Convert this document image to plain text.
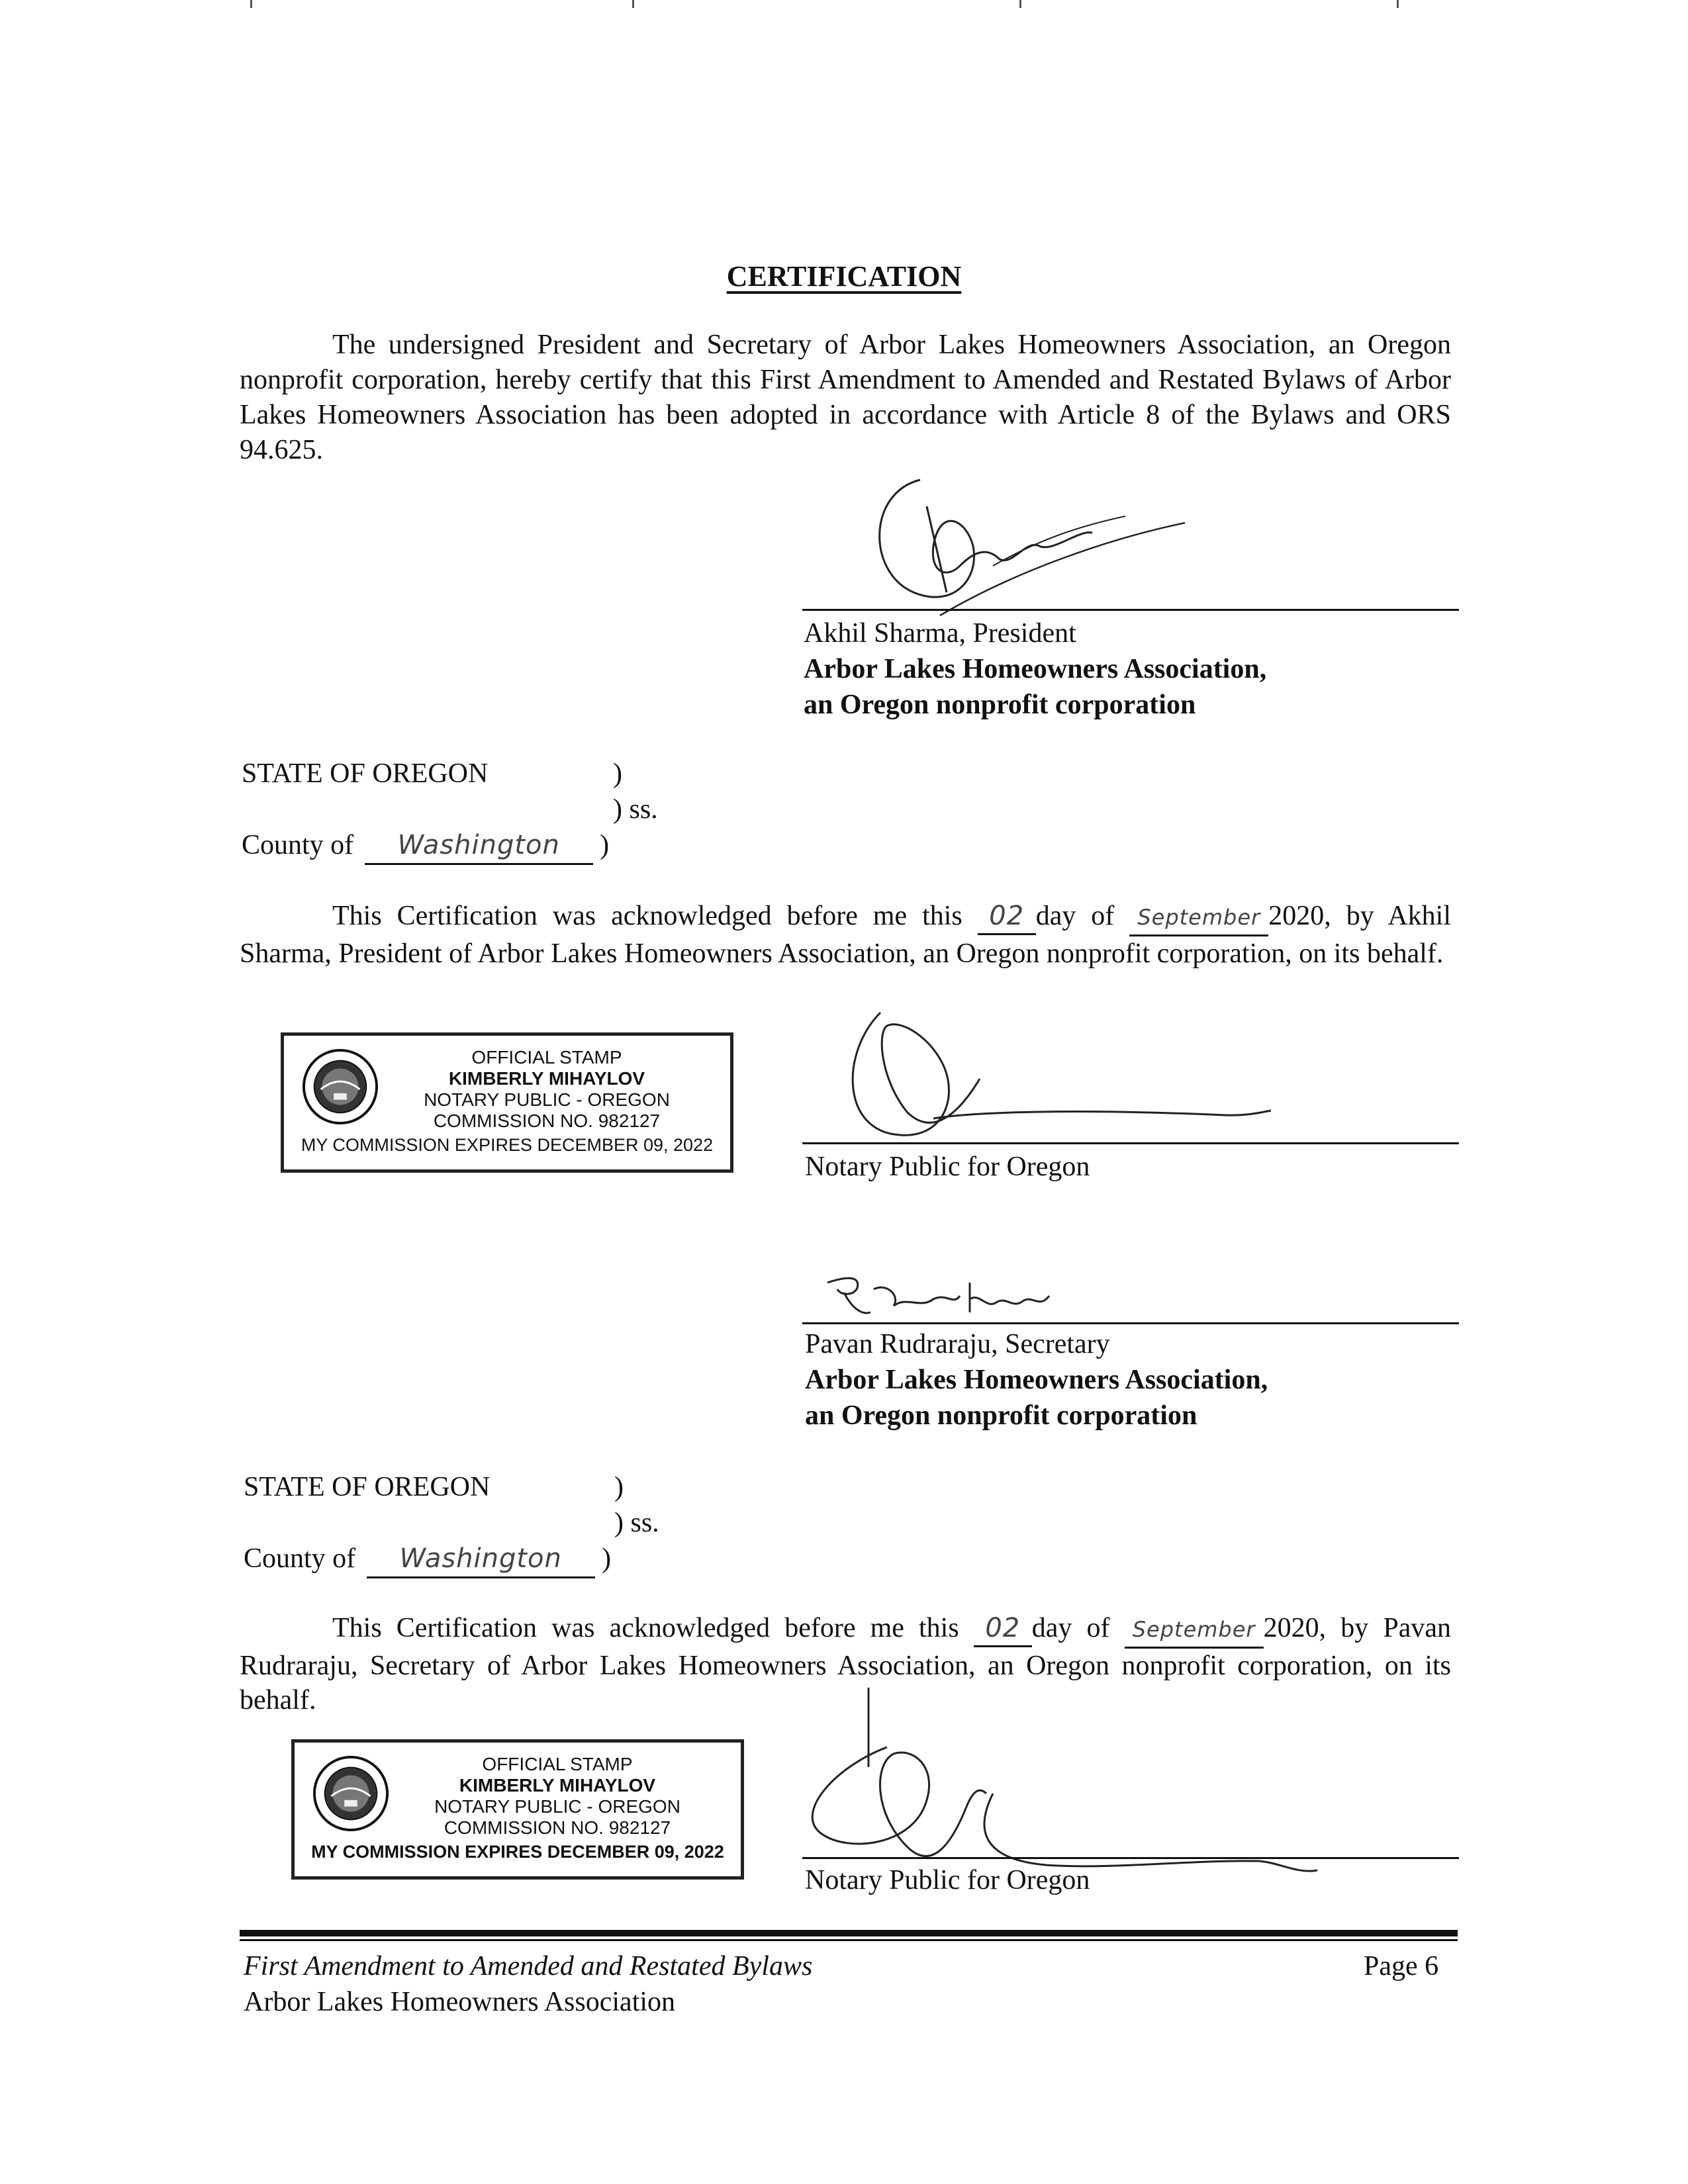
CERTIFICATION
The undersigned President and Secretary of Arbor Lakes Homeowners Association, an Oregon nonprofit corporation, hereby certify that this First Amendment to Amended and Restated Bylaws of Arbor Lakes Homeowners Association has been adopted in accordance with Article 8 of the Bylaws and ORS 94.625.
Akhil Sharma, President
Arbor Lakes Homeowners Association,
an Oregon nonprofit corporation
STATE OF OREGON	)
) ss.
County of Washington )
This Certification was acknowledged before me this 02 day of September 2020, by Akhil Sharma, President of Arbor Lakes Homeowners Association, an Oregon nonprofit corporation, on its behalf.
OFFICIAL STAMP
KIMBERLY MIHAYLOV
NOTARY PUBLIC - OREGON
COMMISSION NO. 982127
MY COMMISSION EXPIRES DECEMBER 09, 2022
Notary Public for Oregon
Pavan Rudraraju, Secretary
Arbor Lakes Homeowners Association,
an Oregon nonprofit corporation
STATE OF OREGON	)
) ss.
County of Washington )
This Certification was acknowledged before me this 02 day of September 2020, by Pavan Rudraraju, Secretary of Arbor Lakes Homeowners Association, an Oregon nonprofit corporation, on its behalf.
OFFICIAL STAMP
KIMBERLY MIHAYLOV
NOTARY PUBLIC - OREGON
COMMISSION NO. 982127
MY COMMISSION EXPIRES DECEMBER 09, 2022
Notary Public for Oregon
First Amendment to Amended and Restated Bylaws
Arbor Lakes Homeowners Association
Page 6
